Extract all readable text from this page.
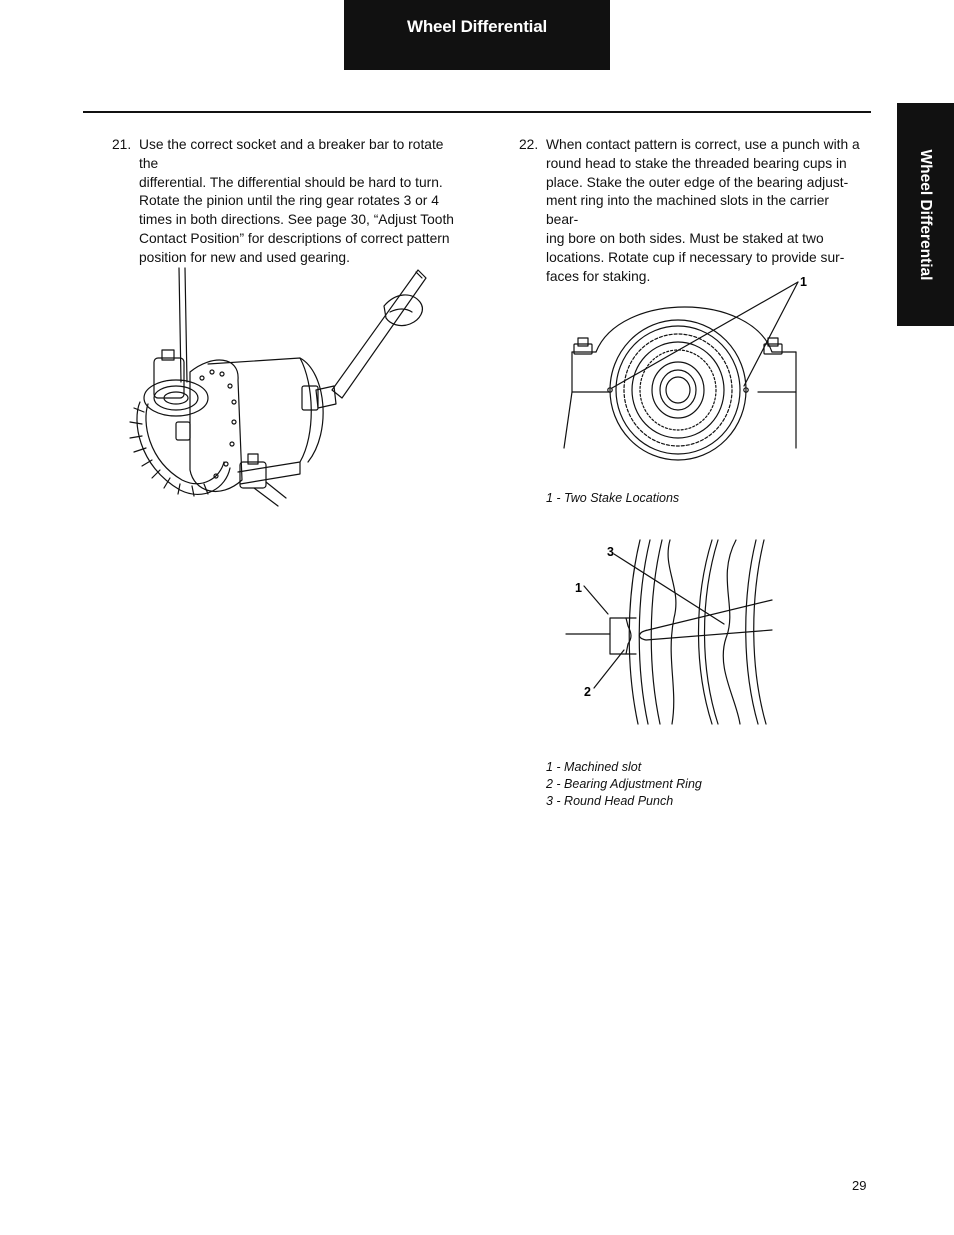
Wheel Differential
Wheel Differential
21. Use the correct socket and a breaker bar to rotate the
differential. The differential should be hard to turn.
Rotate the pinion until the ring gear rotates 3 or 4
times in both directions. See page 30, “Adjust Tooth
Contact Position” for descriptions of correct pattern
position for new and used gearing.
22. When contact pattern is correct, use a punch with a
round head to stake the threaded bearing cups in
place. Stake the outer edge of the bearing adjust-
ment ring into the machined slots in the carrier bear-
ing bore on both sides. Must be staked at two
locations. Rotate cup if necessary to provide sur-
faces for staking.	1
1 - Two Stake Locations
1
2
3
1 - Machined slot
2 - Bearing Adjustment Ring
3 - Round Head Punch
29
